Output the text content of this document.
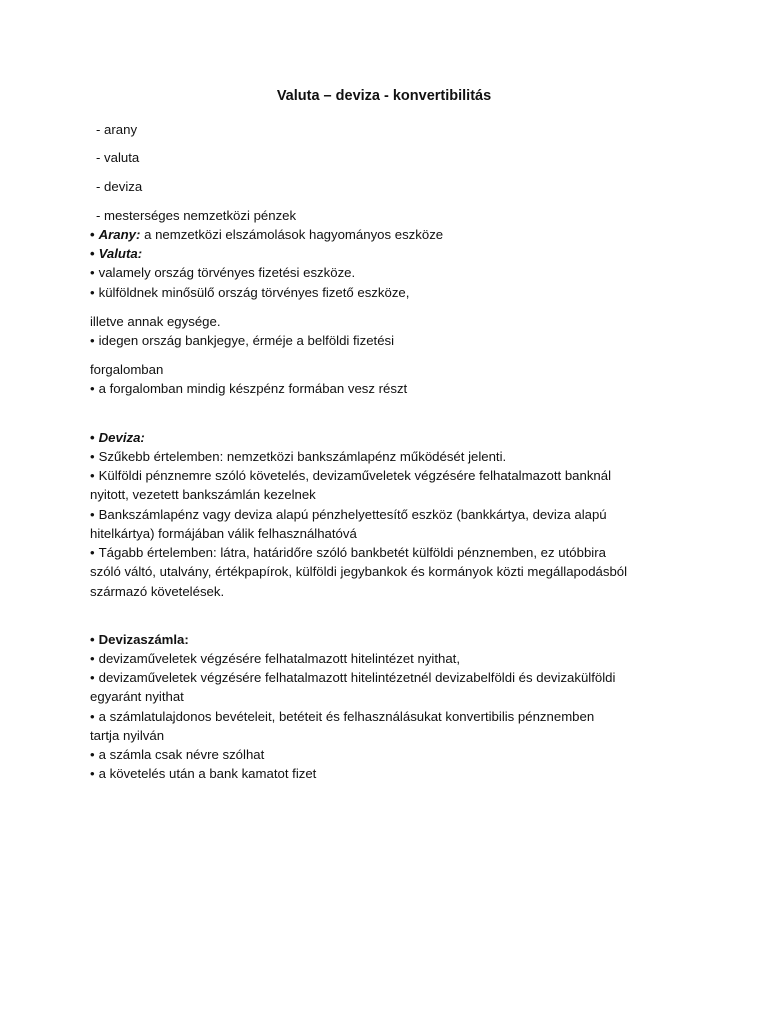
Valuta – deviza - konvertibilitás
- arany
- valuta
- deviza
- mesterséges nemzetközi pénzek
• Arany: a nemzetközi elszámolások hagyományos eszköze
• Valuta:
• valamely ország törvényes fizetési eszköze.
• külföldnek minősülő ország törvényes fizető eszköze,
illetve annak egysége.
• idegen ország bankjegye, érméje a belföldi fizetési
forgalomban
• a forgalomban mindig készpénz formában vesz részt
• Deviza:
• Szűkebb értelemben: nemzetközi bankszámlapénz működését jelenti.
• Külföldi pénznemre szóló követelés, devizaműveletek végzésére felhatalmazott banknál
nyitott, vezetett bankszámlán kezelnek
• Bankszámlapénz vagy deviza alapú pénzhelyettesítő eszköz (bankkártya, deviza alapú
hitelkártya) formájában válik felhasználhatóvá
• Tágabb értelemben: látra, határidőre szóló bankbetét külföldi pénznemben, ez utóbbira
szóló váltó, utalvány, értékpapírok, külföldi jegybankok és kormányok közti megállapodásból
származó követelések.
• Devizaszámla:
• devizaműveletek végzésére felhatalmazott hitelintézet nyithat,
• devizaműveletek végzésére felhatalmazott hitelintézetnél devizabelföldi és devizakülföldi
egyaránt nyithat
• a számlatulajdonos bevételeit, betéteit és felhasználásukat konvertibilis pénznemben
tartja nyilván
• a számla csak névre szólhat
• a követelés után a bank kamatot fizet
